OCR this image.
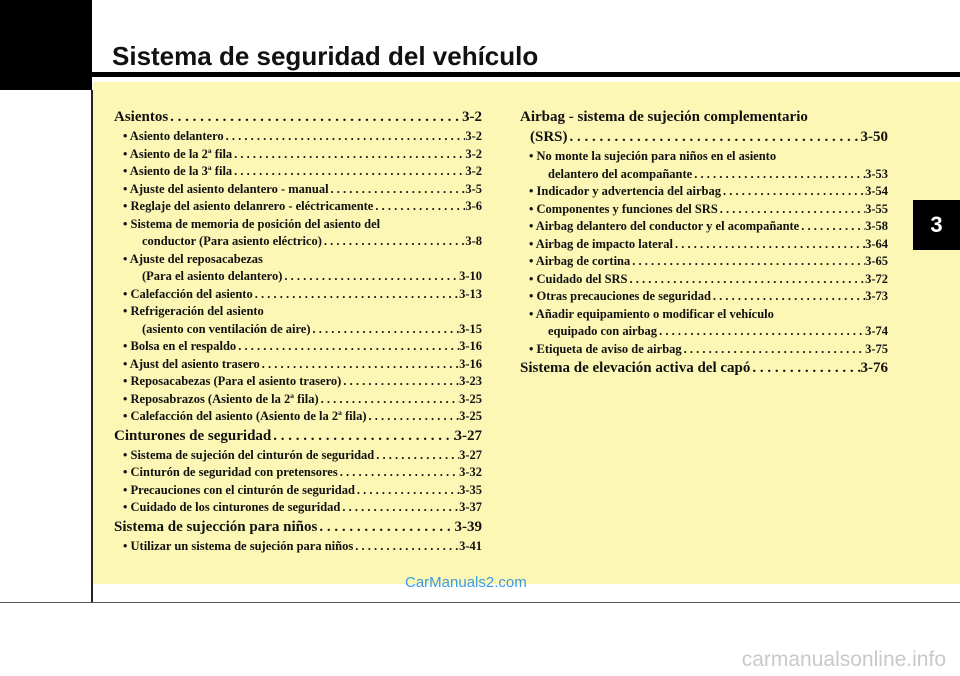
Sistema de seguridad del vehículo
3
Asientos . . .	3-2
• Asiento delantero . . .	3-2
• Asiento de la 2ª fila . . .	3-2
• Asiento de la 3ª fila . . .	3-2
• Ajuste del asiento delantero - manual . . .	3-5
• Reglaje del asiento delanrero - eléctricamente . . .	3-6
• Sistema de memoria de posición del asiento del
conductor (Para asiento eléctrico) . . .	3-8
• Ajuste del reposacabezas
(Para el asiento delantero) . . .	3-10
• Calefacción del asiento . . .	3-13
• Refrigeración del asiento
(asiento con ventilación de aire) . . .	3-15
• Bolsa en el respaldo . . .	3-16
• Ajust del asiento trasero . . .	3-16
• Reposacabezas (Para el asiento trasero) . . .	3-23
• Reposabrazos (Asiento de la 2ª fila) . . .	3-25
• Calefacción del asiento (Asiento de la 2ª fila) . . .	3-25
Cinturones de seguridad . . .	3-27
• Sistema de sujeción del cinturón de seguridad . . .	3-27
• Cinturón de seguridad con pretensores . . .	3-32
• Precauciones con el cinturón de seguridad . . .	3-35
• Cuidado de los cinturones de seguridad . . .	3-37
Sistema de sujección para niños . . .	3-39
• Utilizar un sistema de sujeción para niños . . .	3-41
Airbag - sistema de sujeción complementario
(SRS) . . .	3-50
• No monte la sujeción para niños en el asiento
delantero del acompañante . . .	3-53
• Indicador y advertencia del airbag . . .	3-54
• Componentes y funciones del SRS . . .	3-55
• Airbag delantero del conductor y el acompañante . . .	3-58
• Airbag de impacto lateral . . .	3-64
• Airbag de cortina . . .	3-65
• Cuidado del SRS . . .	3-72
• Otras precauciones de seguridad . . .	3-73
• Añadir equipamiento o modificar el vehículo
equipado con airbag . . .	3-74
• Etiqueta de aviso de airbag . . .	3-75
Sistema de elevación activa del capó . . .	3-76
CarManuals2.com
carmanualsonline.info
